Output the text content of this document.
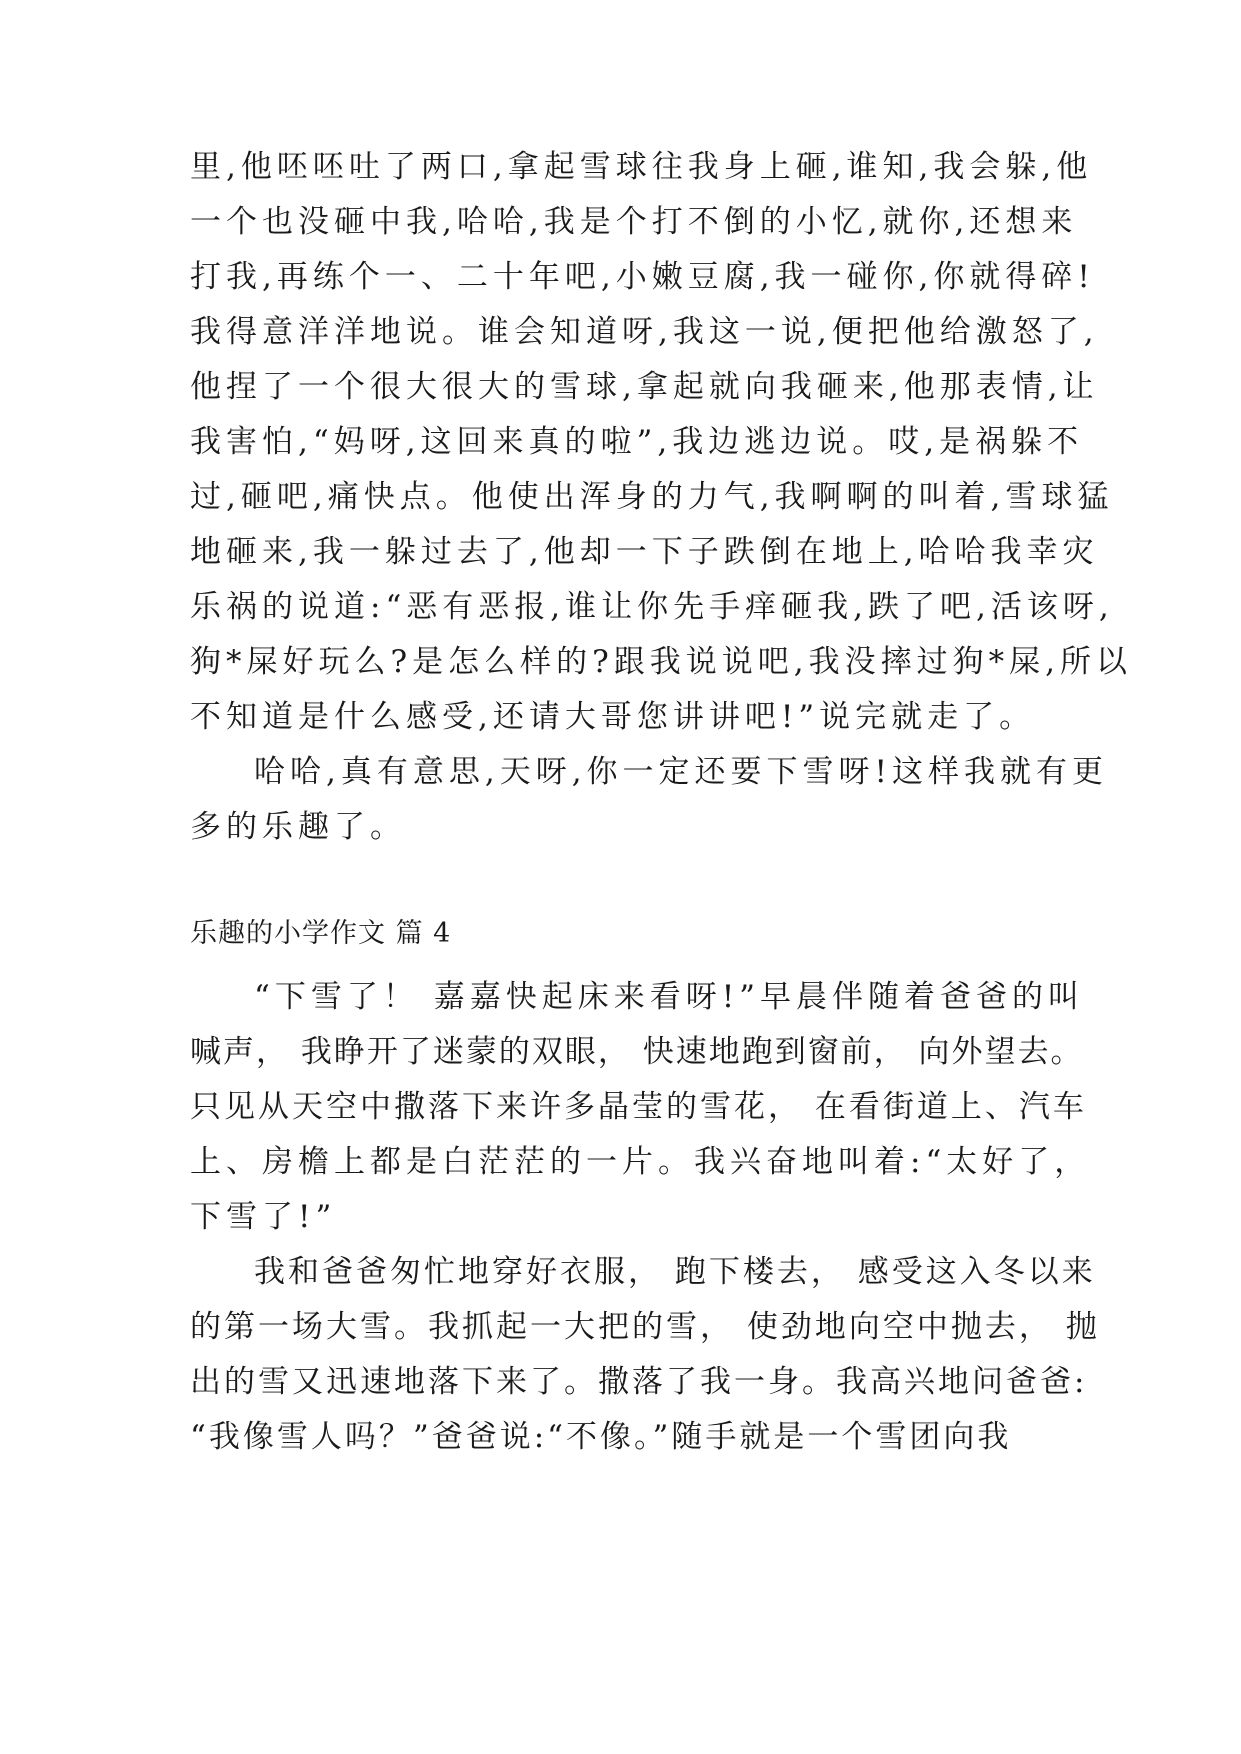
里,他呸呸吐了两口,拿起雪球往我身上砸,谁知,我会躲,他
一个也没砸中我,哈哈,我是个打不倒的小忆,就你,还想来
打我,再练个一、二十年吧,小嫩豆腐,我一碰你,你就得碎!
我得意洋洋地说。谁会知道呀,我这一说,便把他给激怒了,
他捏了一个很大很大的雪球,拿起就向我砸来,他那表情,让
我害怕,“妈呀,这回来真的啦”,我边逃边说。哎,是祸躲不
过,砸吧,痛快点。他使出浑身的力气,我啊啊的叫着,雪球猛
地砸来,我一躲过去了,他却一下子跌倒在地上,哈哈我幸灾
乐祸的说道:“恶有恶报,谁让你先手痒砸我,跌了吧,活该呀,
狗*屎好玩么?是怎么样的?跟我说说吧,我没摔过狗*屎,所以
不知道是什么感受,还请大哥您讲讲吧!”说完就走了。
哈哈,真有意思,天呀,你一定还要下雪呀!这样我就有更
多的乐趣了。
乐趣的小学作文 篇 4
“下雪了！ 嘉嘉快起床来看呀!”早晨伴随着爸爸的叫
喊声， 我睁开了迷蒙的双眼， 快速地跑到窗前， 向外望去。
只见从天空中撒落下来许多晶莹的雪花， 在看街道上、汽车
上、房檐上都是白茫茫的一片。我兴奋地叫着:“太好了，
下雪了!”
我和爸爸匆忙地穿好衣服， 跑下楼去， 感受这入冬以来
的第一场大雪。我抓起一大把的雪， 使劲地向空中抛去， 抛
出的雪又迅速地落下来了。撒落了我一身。我高兴地问爸爸:
“我像雪人吗？”爸爸说:“不像。”随手就是一个雪团向我
